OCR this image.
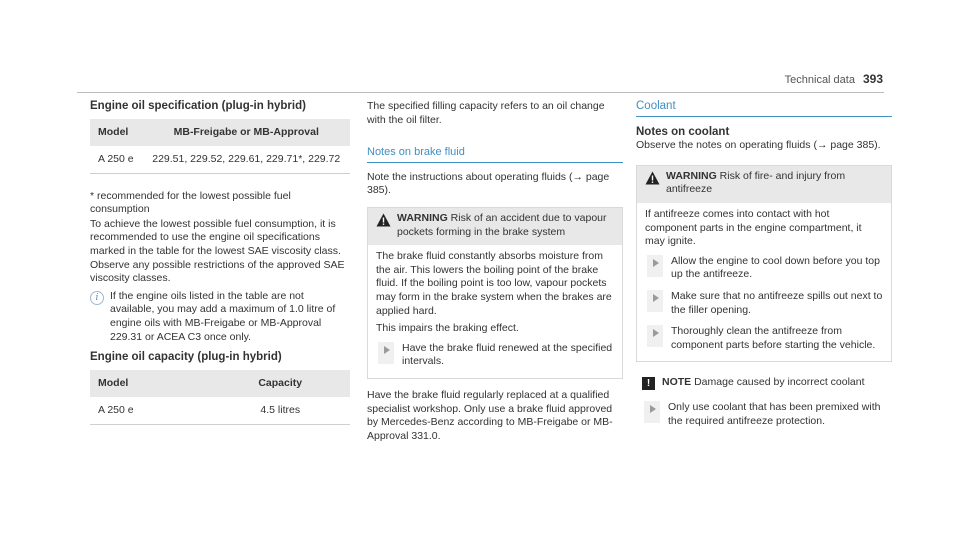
Technical data 393
Engine oil specification (plug-in hybrid)
Model	MB-Freigabe or MB-Approval
A 250 e	229.51, 229.52, 229.61, 229.71*, 229.72

* recommended for the lowest possible fuel consumption

To achieve the lowest possible fuel consumption, it is recommended to use the engine oil specifications marked in the table for the lowest SAE viscosity class. Observe any possible restrictions of the approved SAE viscosity classes.

i	If the engine oils listed in the table are not available, you may add a maximum of 1.0 litre of engine oils with MB-Freigabe or MB-Approval 229.31 or ACEA C3 once only.
Engine oil capacity (plug-in hybrid)
Model	Capacity
A 250 e	4.5 litres

The specified filling capacity refers to an oil change with the oil filter.

Notes on brake fluid

Note the instructions about operating fluids (→ page 385).

WARNING Risk of an accident due to vapour pockets forming in the brake system

The brake fluid constantly absorbs moisture from the air. This lowers the boiling point of the brake fluid. If the boiling point is too low, vapour pockets may form in the brake system when the brakes are applied hard.

This impairs the braking effect.

Have the brake fluid renewed at the specified intervals.

Have the brake fluid regularly replaced at a qualified specialist workshop. Only use a brake fluid approved by Mercedes-Benz according to MB-Freigabe or MB-Approval 331.0.

Coolant
Notes on coolant

Observe the notes on operating fluids (→ page 385).

WARNING Risk of fire- and injury from antifreeze

If antifreeze comes into contact with hot component parts in the engine compartment, it may ignite.

Allow the engine to cool down before you top up the antifreeze.
Make sure that no antifreeze spills out next to the filler opening.
Thoroughly clean the antifreeze from component parts before starting the vehicle.
!	NOTE Damage caused by incorrect coolant
Only use coolant that has been premixed with the required antifreeze protection.
